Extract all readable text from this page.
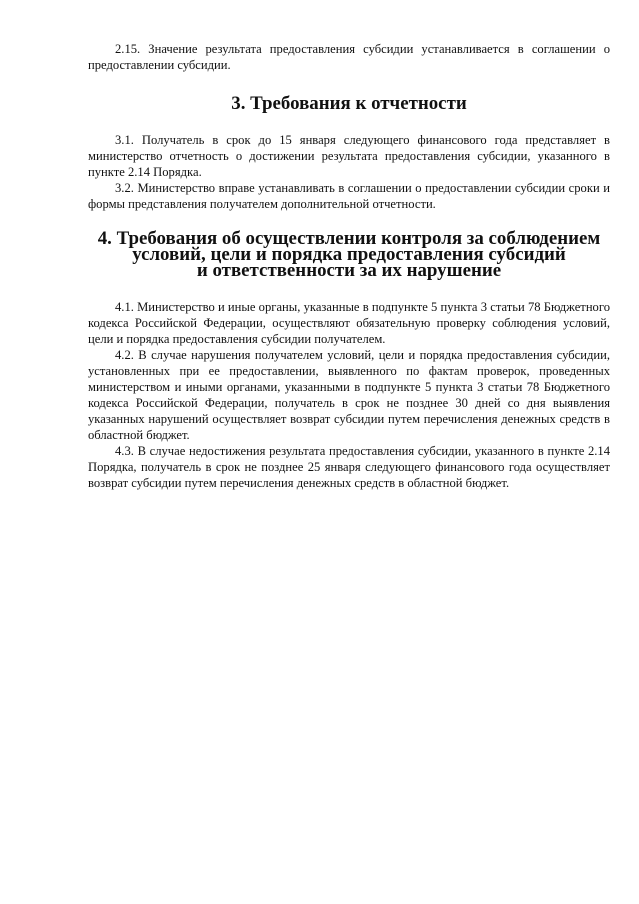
2.15. Значение результата предоставления субсидии устанавливается в соглашении о предоставлении субсидии.

3. Требования к отчетности

3.1. Получатель в срок до 15 января следующего финансового года представляет в министерство отчетность о достижении результата предоставления субсидии, указанного в пункте 2.14 Порядка.

3.2. Министерство вправе устанавливать в соглашении о предоставлении субсидии сроки и формы представления получателем дополнительной отчетности.

4. Требования об осуществлении контроля за соблюдением
условий, цели и порядка предоставления субсидий
и ответственности за их нарушение

4.1. Министерство и иные органы, указанные в подпункте 5 пункта 3 статьи 78 Бюджетного кодекса Российской Федерации, осуществляют обязательную проверку соблюдения условий, цели и порядка предоставления субсидии получателем.

4.2. В случае нарушения получателем условий, цели и порядка предоставления субсидии, установленных при ее предоставлении, выявленного по фактам проверок, проведенных министерством и иными органами, указанными в подпункте 5 пункта 3 статьи 78 Бюджетного кодекса Российской Федерации, получатель в срок не позднее 30 дней со дня выявления указанных нарушений осуществляет возврат субсидии путем перечисления денежных средств в областной бюджет.

4.3. В случае недостижения результата предоставления субсидии, указанного в пункте 2.14 Порядка, получатель в срок не позднее 25 января следующего финансового года осуществляет возврат субсидии путем перечисления денежных средств в областной бюджет.
